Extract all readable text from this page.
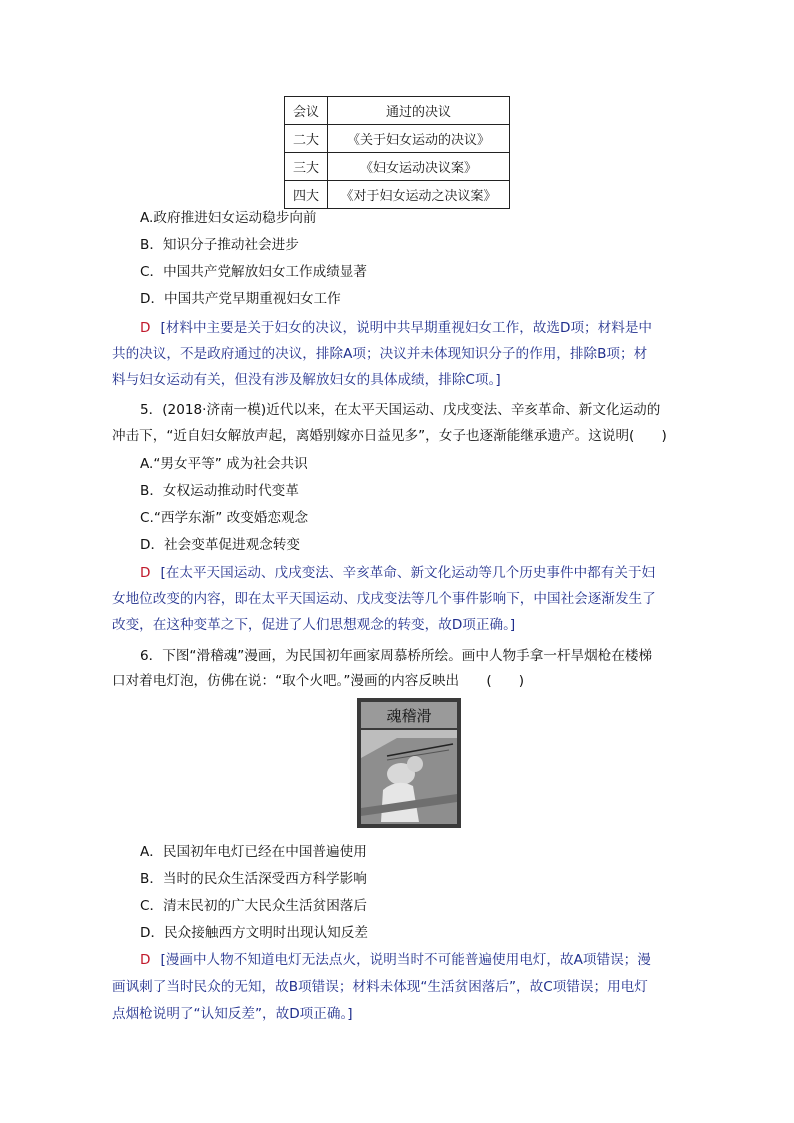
会议	通过的决议
二大	《关于妇女运动的决议》
三大	《妇女运动决议案》
四大	《对于妇女运动之决议案》
A.政府推进妇女运动稳步向前
B．知识分子推动社会进步
C．中国共产党解放妇女工作成绩显著
D．中国共产党早期重视妇女工作
D [材料中主要是关于妇女的决议，说明中共早期重视妇女工作，故选D项；材料是中
共的决议，不是政府通过的决议，排除A项；决议并未体现知识分子的作用，排除B项；材
料与妇女运动有关，但没有涉及解放妇女的具体成绩，排除C项。]
5．(2018·济南一模)近代以来，在太平天国运动、戊戌变法、辛亥革命、新文化运动的
冲击下，“近自妇女解放声起，离婚别嫁亦日益见多”，女子也逐渐能继承遗产。这说明(　　)
A.“男女平等” 成为社会共识
B．女权运动推动时代变革
C.“西学东渐” 改变婚恋观念
D．社会变革促进观念转变
D [在太平天国运动、戊戌变法、辛亥革命、新文化运动等几个历史事件中都有关于妇
女地位改变的内容，即在太平天国运动、戊戌变法等几个事件影响下，中国社会逐渐发生了
改变，在这种变革之下，促进了人们思想观念的转变，故D项正确。]
6．下图“滑稽魂”漫画，为民国初年画家周慕桥所绘。画中人物手拿一杆旱烟枪在楼梯
口对着电灯泡，仿佛在说：“取个火吧。”漫画的内容反映出　　(　　)
魂稽滑
A．民国初年电灯已经在中国普遍使用
B．当时的民众生活深受西方科学影响
C．清末民初的广大民众生活贫困落后
D．民众接触西方文明时出现认知反差
D [漫画中人物不知道电灯无法点火，说明当时不可能普遍使用电灯，故A项错误；漫
画讽刺了当时民众的无知，故B项错误；材料未体现“生活贫困落后”，故C项错误；用电灯
点烟枪说明了“认知反差”，故D项正确。]
